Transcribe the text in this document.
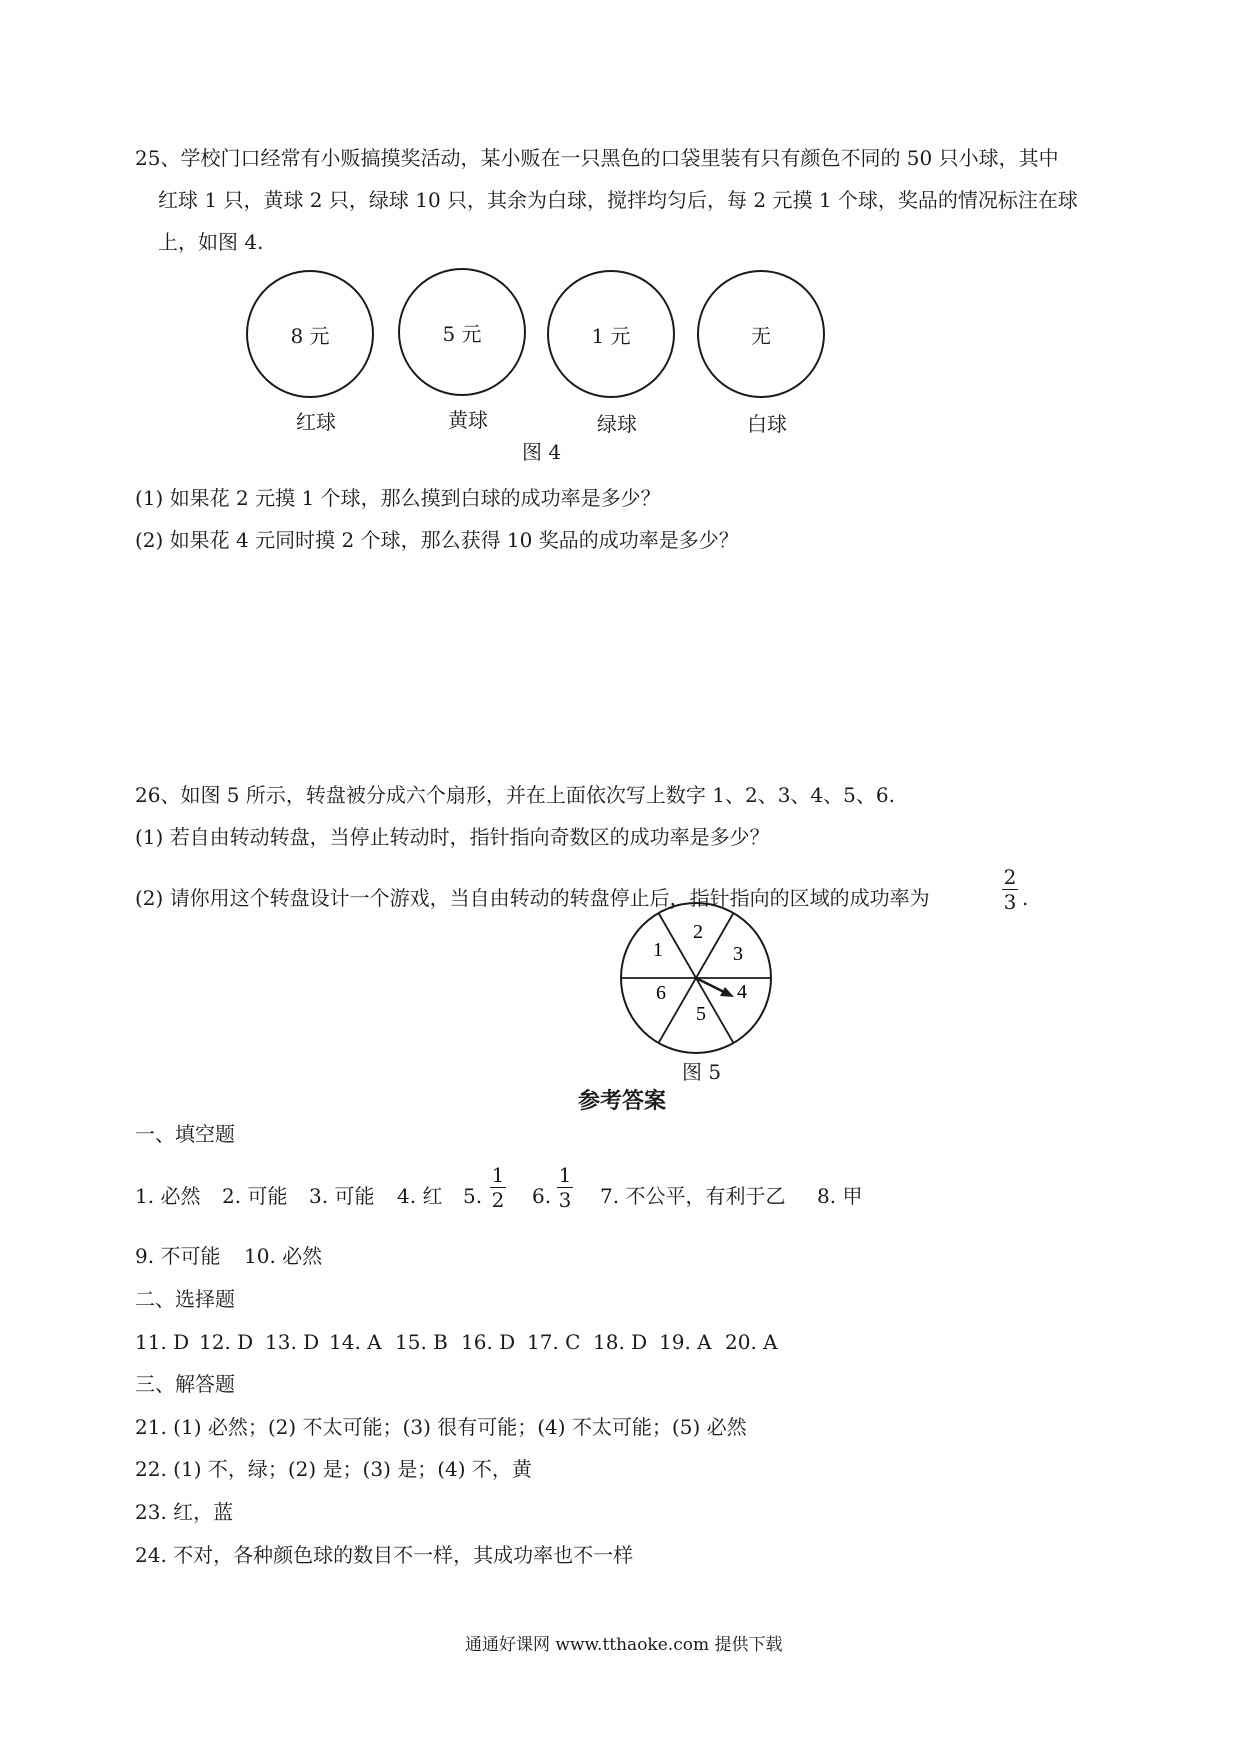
25、学校门口经常有小贩搞摸奖活动，某小贩在一只黑色的口袋里装有只有颜色不同的 50 只小球，其中
红球 1 只，黄球 2 只，绿球 10 只，其余为白球，搅拌均匀后，每 2 元摸 1 个球，奖品的情况标注在球
上，如图 4.
8 元	5 元	1 元	无
红球	黄球	绿球	白球
图 4
(1) 如果花 2 元摸 1 个球，那么摸到白球的成功率是多少？
(2) 如果花 4 元同时摸 2 个球，那么获得 10 奖品的成功率是多少？
26、如图 5 所示，转盘被分成六个扇形，并在上面依次写上数字 1、2、3、4、5、6.
(1) 若自由转动转盘，当停止转动时，指针指向奇数区的成功率是多少？
(2) 请你用这个转盘设计一个游戏，当自由转动的转盘停止后，指针指向的区域的成功率为
2
3 .
1
2
3
4
5
6
图 5
参考答案
一、填空题
1. 必然 2. 可能 3. 可能 4. 红 5.
1
2 6.
1
3 7. 不公平，有利于乙 8. 甲
9. 不可能 10. 必然
二、选择题
11. D 12. D 13. D 14. A 15. B 16. D 17. C 18. D 19. A 20. A
三、解答题
21. (1) 必然；(2) 不太可能；(3) 很有可能；(4) 不太可能；(5) 必然
22. (1) 不，绿；(2) 是；(3) 是；(4) 不，黄
23. 红，蓝
24. 不对，各种颜色球的数目不一样，其成功率也不一样
通通好课网 www.tthaoke.com 提供下载
